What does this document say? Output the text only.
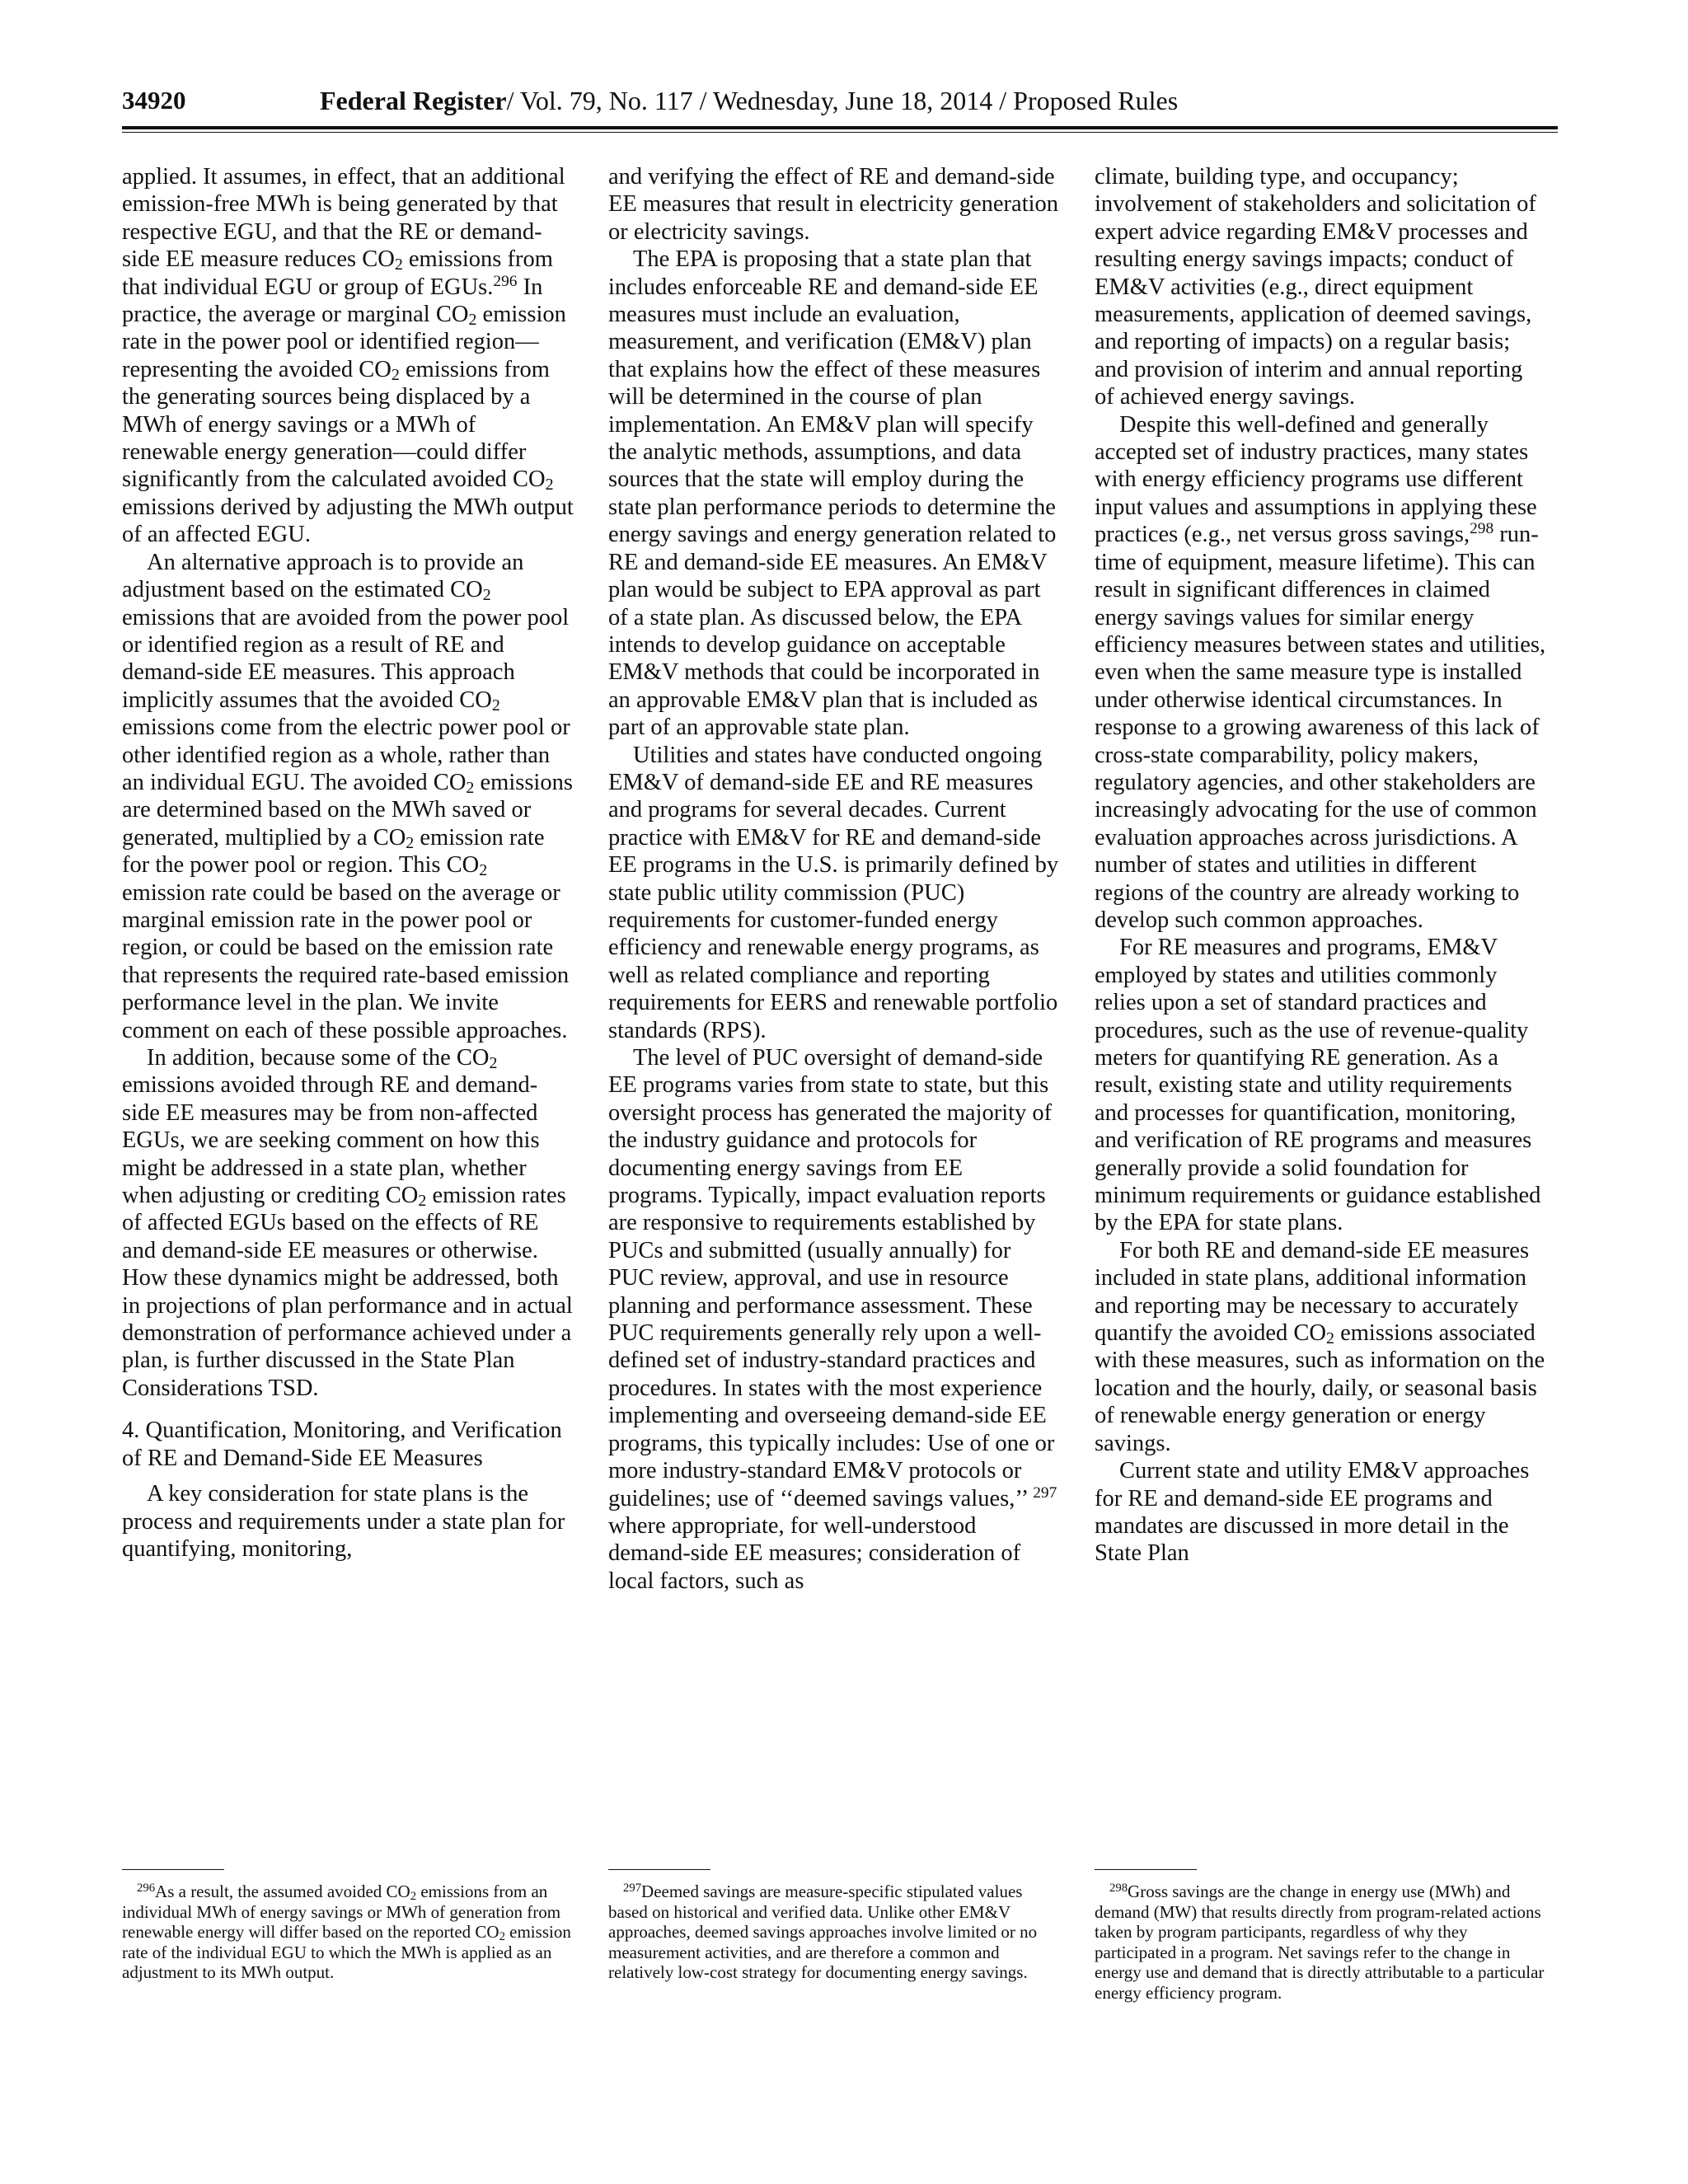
34920	Federal Register/ Vol. 79, No. 117 / Wednesday, June 18, 2014 / Proposed Rules

applied. It assumes, in effect, that an additional emission-free MWh is being generated by that respective EGU, and that the RE or demand-side EE measure reduces $CO_2$ emissions from that individual EGU or group of EGUs.$^{296}$ In practice, the average or marginal $CO_2$ emission rate in the power pool or identified region—representing the avoided $CO_2$ emissions from the generating sources being displaced by a MWh of energy savings or a MWh of renewable energy generation—could differ significantly from the calculated avoided $CO_2$ emissions derived by adjusting the MWh output of an affected EGU.

An alternative approach is to provide an adjustment based on the estimated $CO_2$ emissions that are avoided from the power pool or identified region as a result of RE and demand-side EE measures. This approach implicitly assumes that the avoided $CO_2$ emissions come from the electric power pool or other identified region as a whole, rather than an individual EGU. The avoided $CO_2$ emissions are determined based on the MWh saved or generated, multiplied by a $CO_2$ emission rate for the power pool or region. This $CO_2$ emission rate could be based on the average or marginal emission rate in the power pool or region, or could be based on the emission rate that represents the required rate-based emission performance level in the plan. We invite comment on each of these possible approaches.

In addition, because some of the $CO_2$ emissions avoided through RE and demand-side EE measures may be from non-affected EGUs, we are seeking comment on how this might be addressed in a state plan, whether when adjusting or crediting $CO_2$ emission rates of affected EGUs based on the effects of RE and demand-side EE measures or otherwise. How these dynamics might be addressed, both in projections of plan performance and in actual demonstration of performance achieved under a plan, is further discussed in the State Plan Considerations TSD.

4. Quantification, Monitoring, and Verification of RE and Demand-Side EE Measures

A key consideration for state plans is the process and requirements under a state plan for quantifying, monitoring,

and verifying the effect of RE and demand-side EE measures that result in electricity generation or electricity savings.

The EPA is proposing that a state plan that includes enforceable RE and demand-side EE measures must include an evaluation, measurement, and verification (EM&V) plan that explains how the effect of these measures will be determined in the course of plan implementation. An EM&V plan will specify the analytic methods, assumptions, and data sources that the state will employ during the state plan performance periods to determine the energy savings and energy generation related to RE and demand-side EE measures. An EM&V plan would be subject to EPA approval as part of a state plan. As discussed below, the EPA intends to develop guidance on acceptable EM&V methods that could be incorporated in an approvable EM&V plan that is included as part of an approvable state plan.

Utilities and states have conducted ongoing EM&V of demand-side EE and RE measures and programs for several decades. Current practice with EM&V for RE and demand-side EE programs in the U.S. is primarily defined by state public utility commission (PUC) requirements for customer-funded energy efficiency and renewable energy programs, as well as related compliance and reporting requirements for EERS and renewable portfolio standards (RPS).

The level of PUC oversight of demand-side EE programs varies from state to state, but this oversight process has generated the majority of the industry guidance and protocols for documenting energy savings from EE programs. Typically, impact evaluation reports are responsive to requirements established by PUCs and submitted (usually annually) for PUC review, approval, and use in resource planning and performance assessment. These PUC requirements generally rely upon a well-defined set of industry-standard practices and procedures. In states with the most experience implementing and overseeing demand-side EE programs, this typically includes: Use of one or more industry-standard EM&V protocols or guidelines; use of ‘‘deemed savings values,’’ $^{297}$ where appropriate, for well-understood demand-side EE measures; consideration of local factors, such as

climate, building type, and occupancy; involvement of stakeholders and solicitation of expert advice regarding EM&V processes and resulting energy savings impacts; conduct of EM&V activities (e.g., direct equipment measurements, application of deemed savings, and reporting of impacts) on a regular basis; and provision of interim and annual reporting of achieved energy savings.

Despite this well-defined and generally accepted set of industry practices, many states with energy efficiency programs use different input values and assumptions in applying these practices (e.g., net versus gross savings,$^{298}$ run-time of equipment, measure lifetime). This can result in significant differences in claimed energy savings values for similar energy efficiency measures between states and utilities, even when the same measure type is installed under otherwise identical circumstances. In response to a growing awareness of this lack of cross-state comparability, policy makers, regulatory agencies, and other stakeholders are increasingly advocating for the use of common evaluation approaches across jurisdictions. A number of states and utilities in different regions of the country are already working to develop such common approaches.

For RE measures and programs, EM&V employed by states and utilities commonly relies upon a set of standard practices and procedures, such as the use of revenue-quality meters for quantifying RE generation. As a result, existing state and utility requirements and processes for quantification, monitoring, and verification of RE programs and measures generally provide a solid foundation for minimum requirements or guidance established by the EPA for state plans.

For both RE and demand-side EE measures included in state plans, additional information and reporting may be necessary to accurately quantify the avoided $CO_2$ emissions associated with these measures, such as information on the location and the hourly, daily, or seasonal basis of renewable energy generation or energy savings.

Current state and utility EM&V approaches for RE and demand-side EE programs and mandates are discussed in more detail in the State Plan

$^{296}$As a result, the assumed avoided $CO_2$ emissions from an individual MWh of energy savings or MWh of generation from renewable energy will differ based on the reported $CO_2$ emission rate of the individual EGU to which the MWh is applied as an adjustment to its MWh output.

$^{297}$Deemed savings are measure-specific stipulated values based on historical and verified data. Unlike other EM&V approaches, deemed savings approaches involve limited or no measurement activities, and are therefore a common and relatively low-cost strategy for documenting energy savings.

$^{298}$Gross savings are the change in energy use (MWh) and demand (MW) that results directly from program-related actions taken by program participants, regardless of why they participated in a program. Net savings refer to the change in energy use and demand that is directly attributable to a particular energy efficiency program.
